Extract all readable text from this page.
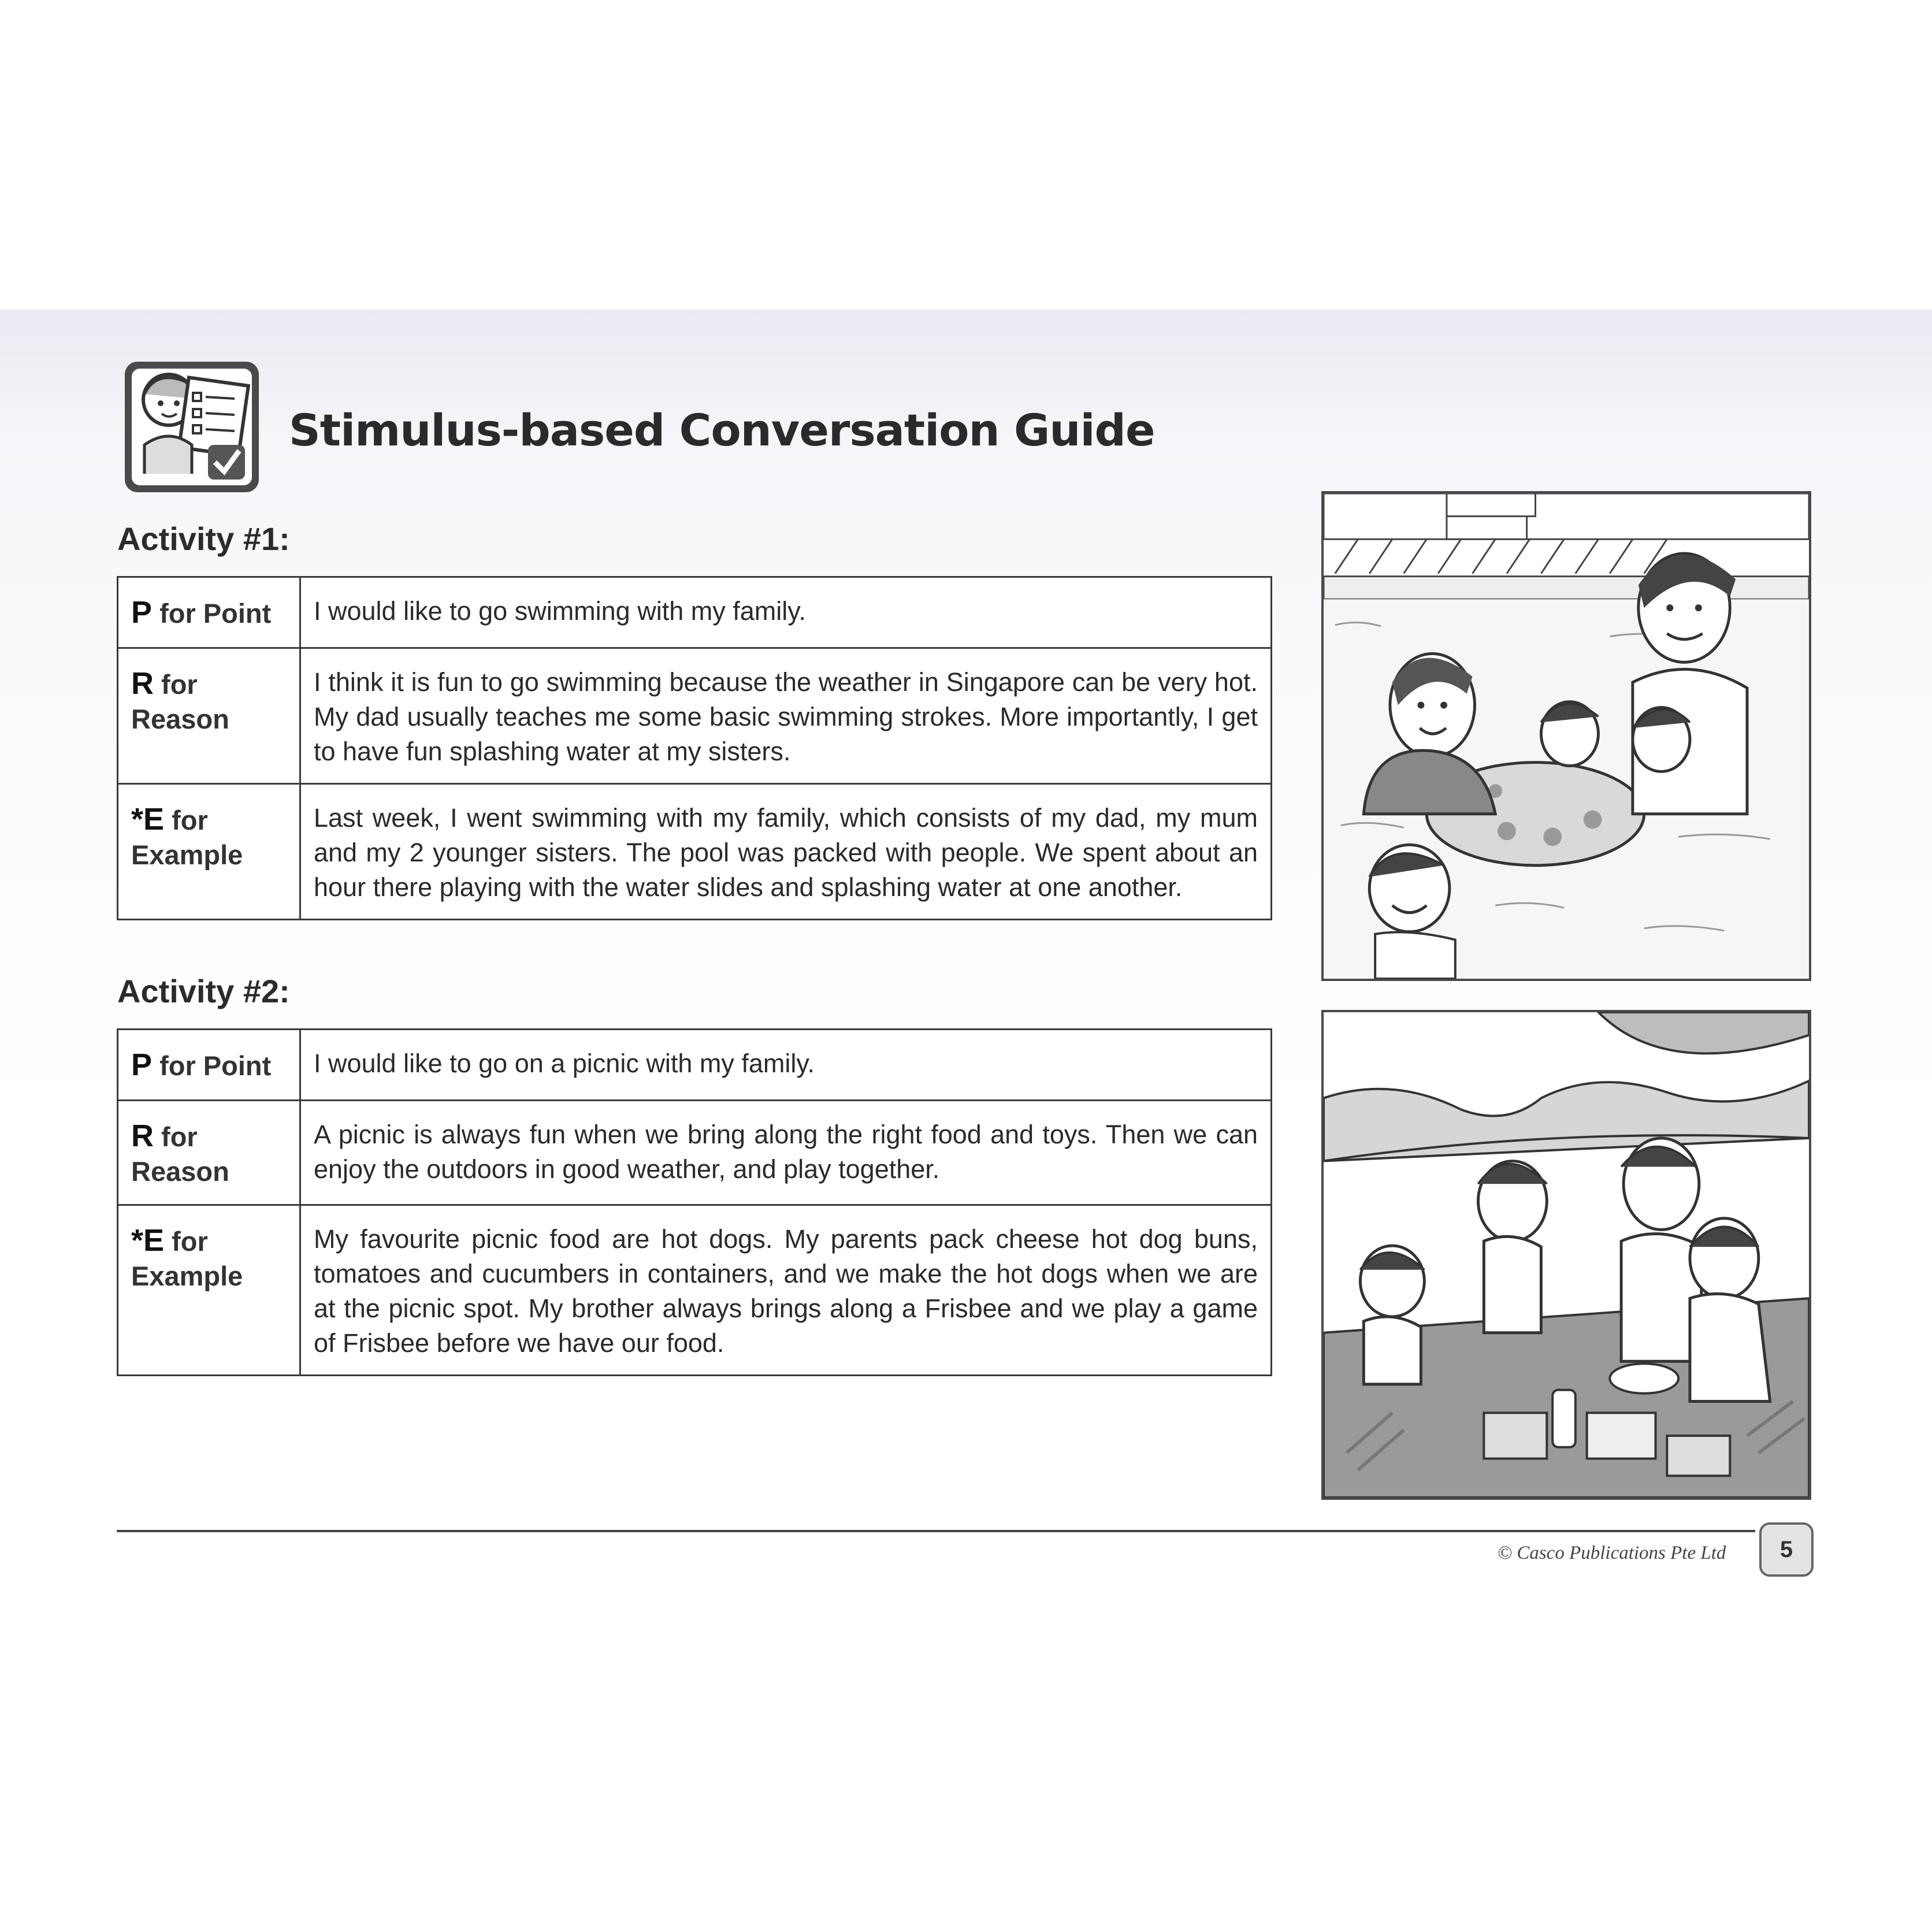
Stimulus-based Conversation Guide
Activity #1:
P for Point	I would like to go swimming with my family.
R for Reason	I think it is fun to go swimming because the weather in Singapore can be very hot. My dad usually teaches me some basic swimming strokes. More importantly, I get to have fun splashing water at my sisters.
*E for Example	Last week, I went swimming with my family, which consists of my dad, my mum and my 2 younger sisters. The pool was packed with people. We spent about an hour there playing with the water slides and splashing water at one another.
Activity #2:
P for Point	I would like to go on a picnic with my family.
R for Reason	A picnic is always fun when we bring along the right food and toys. Then we can enjoy the outdoors in good weather, and play together.
*E for Example	My favourite picnic food are hot dogs. My parents pack cheese hot dog buns, tomatoes and cucumbers in containers, and we make the hot dogs when we are at the picnic spot. My brother always brings along a Frisbee and we play a game of Frisbee before we have our food.
© Casco Publications Pte Ltd	5
